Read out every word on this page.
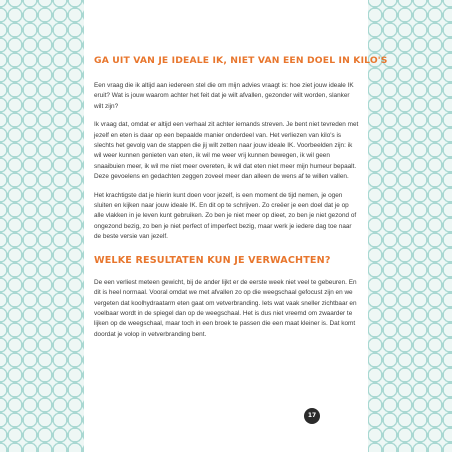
GA UIT VAN JE IDEALE IK, NIET VAN EEN DOEL IN KILO'S

Een vraag die ik altijd aan iedereen stel die om mijn advies vraagt is: hoe ziet jouw ideale IK eruit? Wat is jouw waarom achter het feit dat je wilt afvallen, gezonder wilt worden, slanker wilt zijn?

Ik vraag dat, omdat er altijd een verhaal zit achter iemands streven. Je bent niet tevreden met jezelf en eten is daar op een bepaalde manier onderdeel van. Het verliezen van kilo's is slechts het gevolg van de stappen die jij wilt zetten naar jouw ideale IK. Voorbeelden zijn: ik wil weer kunnen genieten van eten, ik wil me weer vrij kunnen bewegen, ik wil geen snaaibuien meer, ik wil me niet meer overeten, ik wil dat eten niet meer mijn humeur bepaalt. Deze gevoelens en gedachten zeggen zoveel meer dan alleen de wens af te willen vallen.

Het krachtigste dat je hierin kunt doen voor jezelf, is een moment de tijd nemen, je ogen sluiten en kijken naar jouw ideale IK. En dit op te schrijven. Zo creëer je een doel dat je op alle vlakken in je leven kunt gebruiken. Zo ben je niet meer op dieet, zo ben je niet gezond of ongezond bezig, zo ben je niet perfect of imperfect bezig, maar werk je iedere dag toe naar de beste versie van jezelf.

WELKE RESULTATEN KUN JE VERWACHTEN?

De een verliest meteen gewicht, bij de ander lijkt er de eerste week niet veel te gebeuren. En dit is heel normaal. Vooral omdat we met afvallen zo op die weegschaal gefocust zijn en we vergeten dat koolhydraatarm eten gaat om vetverbranding. Iets wat vaak sneller zichtbaar en voelbaar wordt in de spiegel dan op de weegschaal. Het is dus niet vreemd om zwaarder te lijken op de weegschaal, maar toch in een broek te passen die een maat kleiner is. Dat komt doordat je volop in vetverbranding bent.

17
